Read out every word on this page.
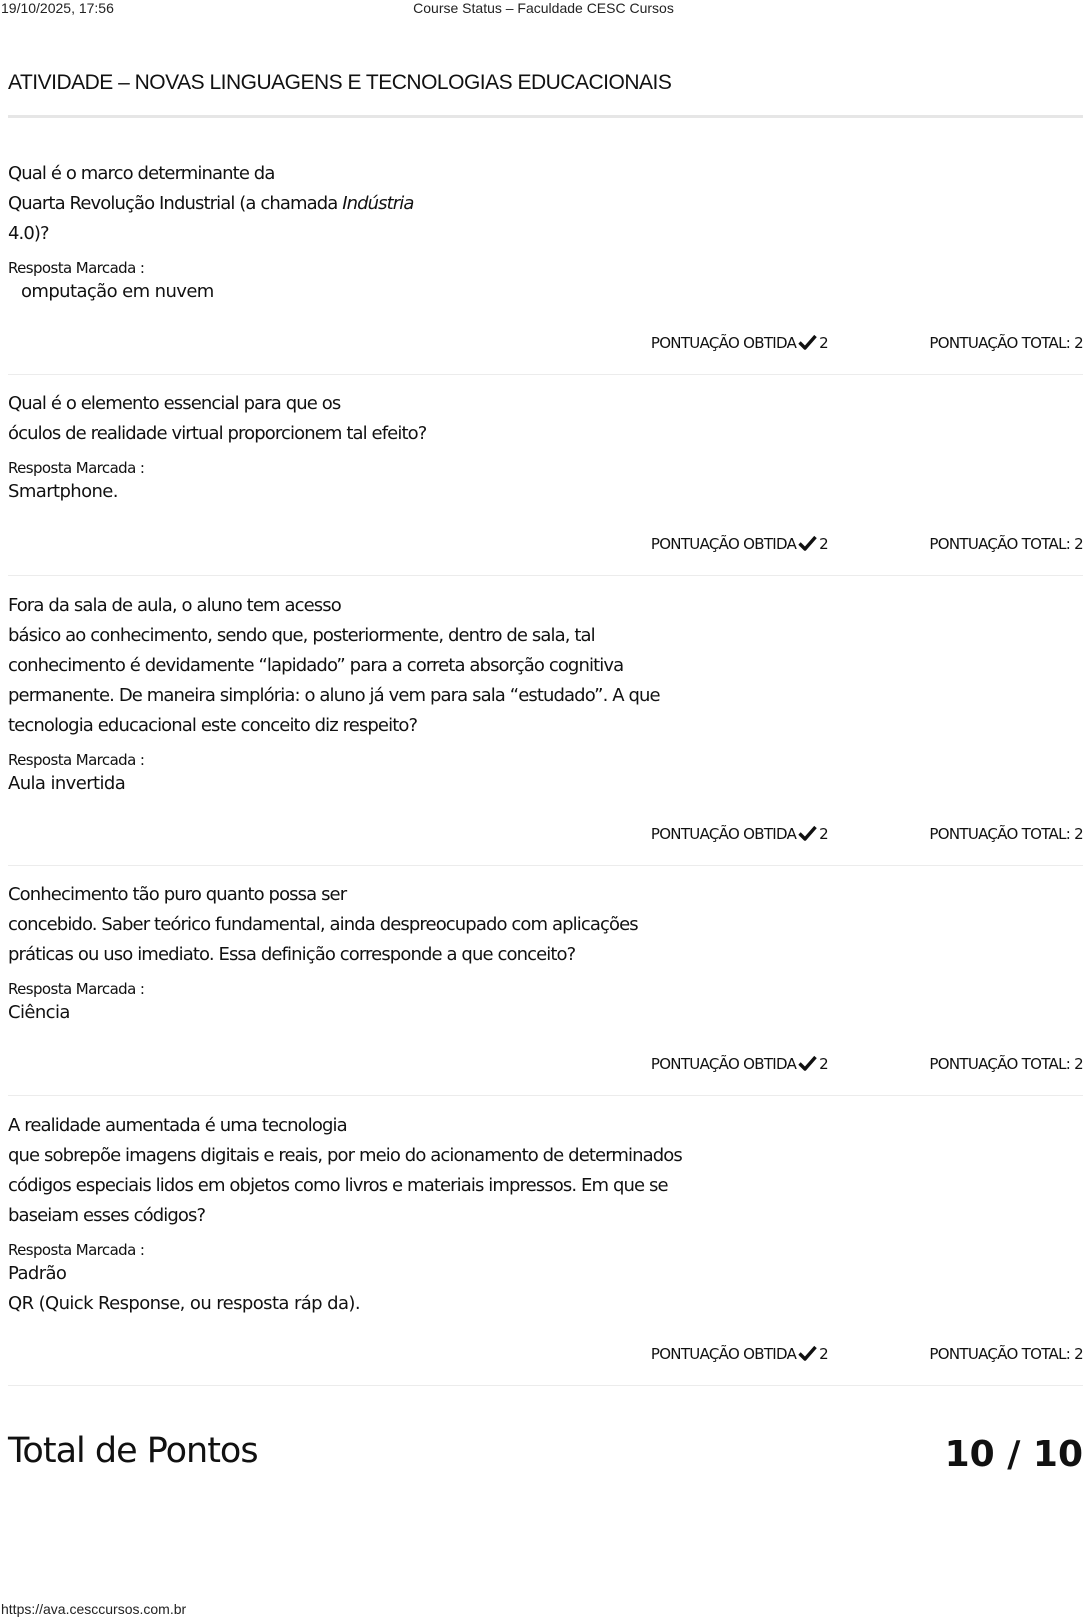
19/10/2025, 17:56	Course Status – Faculdade CESC Cursos
ATIVIDADE – NOVAS LINGUAGENS E TECNOLOGIAS EDUCACIONAIS
Qual é o marco determinante da
Quarta Revolução Industrial (a chamada Indústria
4.0)?
Resposta Marcada :
omputação em nuvem
PONTUAÇÃO OBTIDA 2	PONTUAÇÃO TOTAL: 2
Qual é o elemento essencial para que os
óculos de realidade virtual proporcionem tal efeito?
Resposta Marcada :
Smartphone.
PONTUAÇÃO OBTIDA 2	PONTUAÇÃO TOTAL: 2
Fora da sala de aula, o aluno tem acesso
básico ao conhecimento, sendo que, posteriormente, dentro de sala, tal
conhecimento é devidamente “lapidado” para a correta absorção cognitiva
permanente. De maneira simplória: o aluno já vem para sala “estudado”. A que
tecnologia educacional este conceito diz respeito?
Resposta Marcada :
Aula invertida
PONTUAÇÃO OBTIDA 2	PONTUAÇÃO TOTAL: 2
Conhecimento tão puro quanto possa ser
concebido. Saber teórico fundamental, ainda despreocupado com aplicações
práticas ou uso imediato. Essa definição corresponde a que conceito?
Resposta Marcada :
Ciência
PONTUAÇÃO OBTIDA 2	PONTUAÇÃO TOTAL: 2
A realidade aumentada é uma tecnologia
que sobrepõe imagens digitais e reais, por meio do acionamento de determinados
códigos especiais lidos em objetos como livros e materiais impressos. Em que se
baseiam esses códigos?
Resposta Marcada :
Padrão
QR (Quick Response, ou resposta ráp da).
PONTUAÇÃO OBTIDA 2	PONTUAÇÃO TOTAL: 2
Total de Pontos	10 / 10
https://ava.cesccursos.com.br
